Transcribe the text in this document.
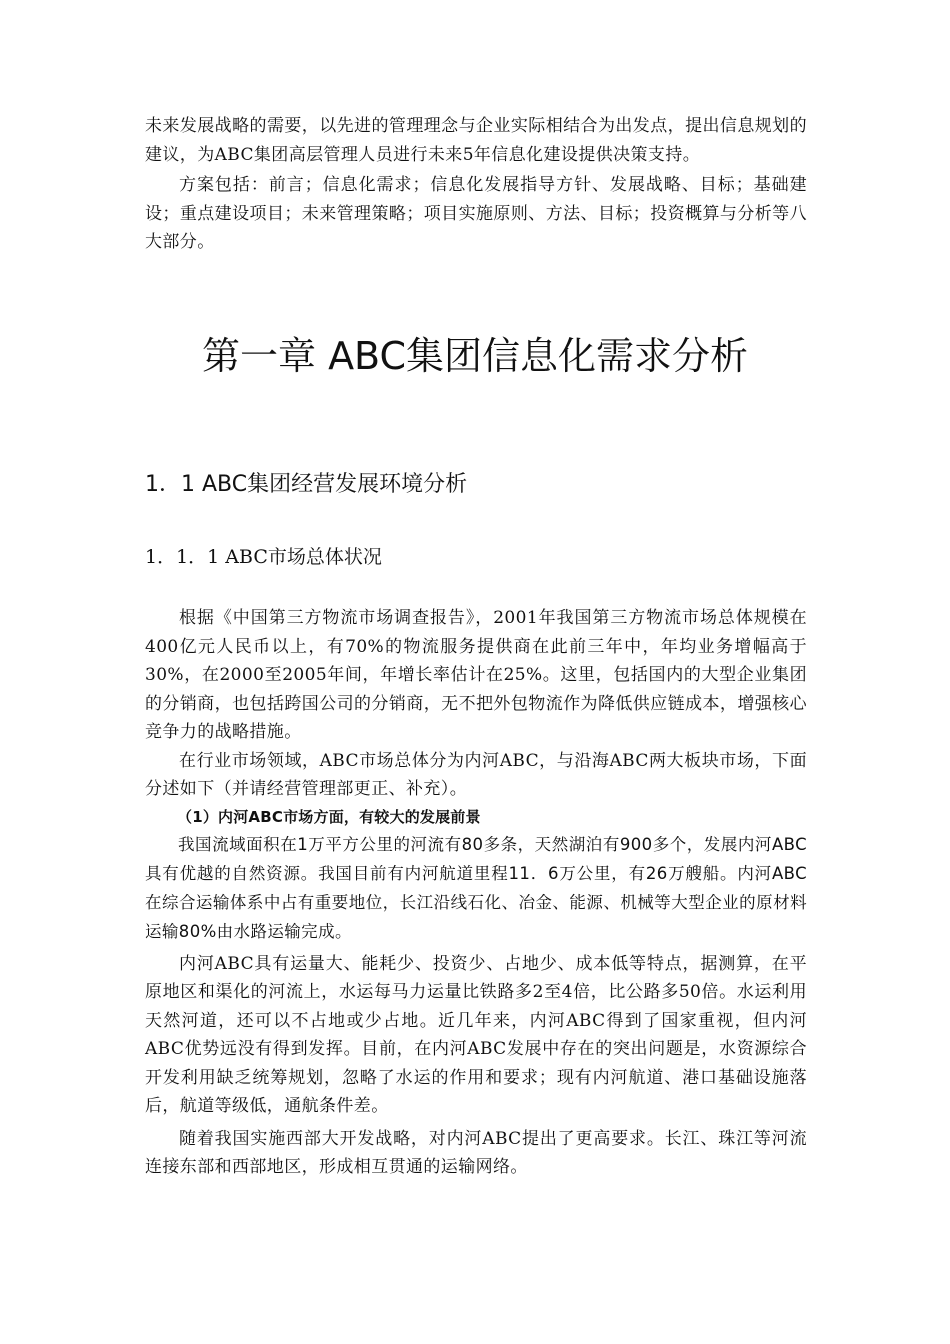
未来发展战略的需要，以先进的管理理念与企业实际相结合为出发点，提出信息规划的建议，为ABC集团高层管理人员进行未来5年信息化建设提供决策支持。

方案包括：前言；信息化需求；信息化发展指导方针、发展战略、目标；基础建设；重点建设项目；未来管理策略；项目实施原则、方法、目标；投资概算与分析等八大部分。

第一章 ABC集团信息化需求分析
1．1 ABC集团经营发展环境分析
1．1．1 ABC市场总体状况

根据《中国第三方物流市场调查报告》，2001年我国第三方物流市场总体规模在400亿元人民币以上，有70%的物流服务提供商在此前三年中，年均业务增幅高于30%，在2000至2005年间，年增长率估计在25%。这里，包括国内的大型企业集团的分销商，也包括跨国公司的分销商，无不把外包物流作为降低供应链成本，增强核心竞争力的战略措施。

在行业市场领域，ABC市场总体分为内河ABC，与沿海ABC两大板块市场，下面分述如下（并请经营管理部更正、补充）。

（1）内河ABC市场方面，有较大的发展前景

我国流域面积在1万平方公里的河流有80多条，天然湖泊有900多个，发展内河ABC具有优越的自然资源。我国目前有内河航道里程11．6万公里，有26万艘船。内河ABC在综合运输体系中占有重要地位，长江沿线石化、冶金、能源、机械等大型企业的原材料运输80%由水路运输完成。

内河ABC具有运量大、能耗少、投资少、占地少、成本低等特点，据测算，在平原地区和渠化的河流上，水运每马力运量比铁路多2至4倍，比公路多50倍。水运利用天然河道，还可以不占地或少占地。近几年来，内河ABC得到了国家重视，但内河ABC优势远没有得到发挥。目前，在内河ABC发展中存在的突出问题是，水资源综合开发利用缺乏统筹规划，忽略了水运的作用和要求；现有内河航道、港口基础设施落后，航道等级低，通航条件差。

随着我国实施西部大开发战略，对内河ABC提出了更高要求。长江、珠江等河流连接东部和西部地区，形成相互贯通的运输网络。
